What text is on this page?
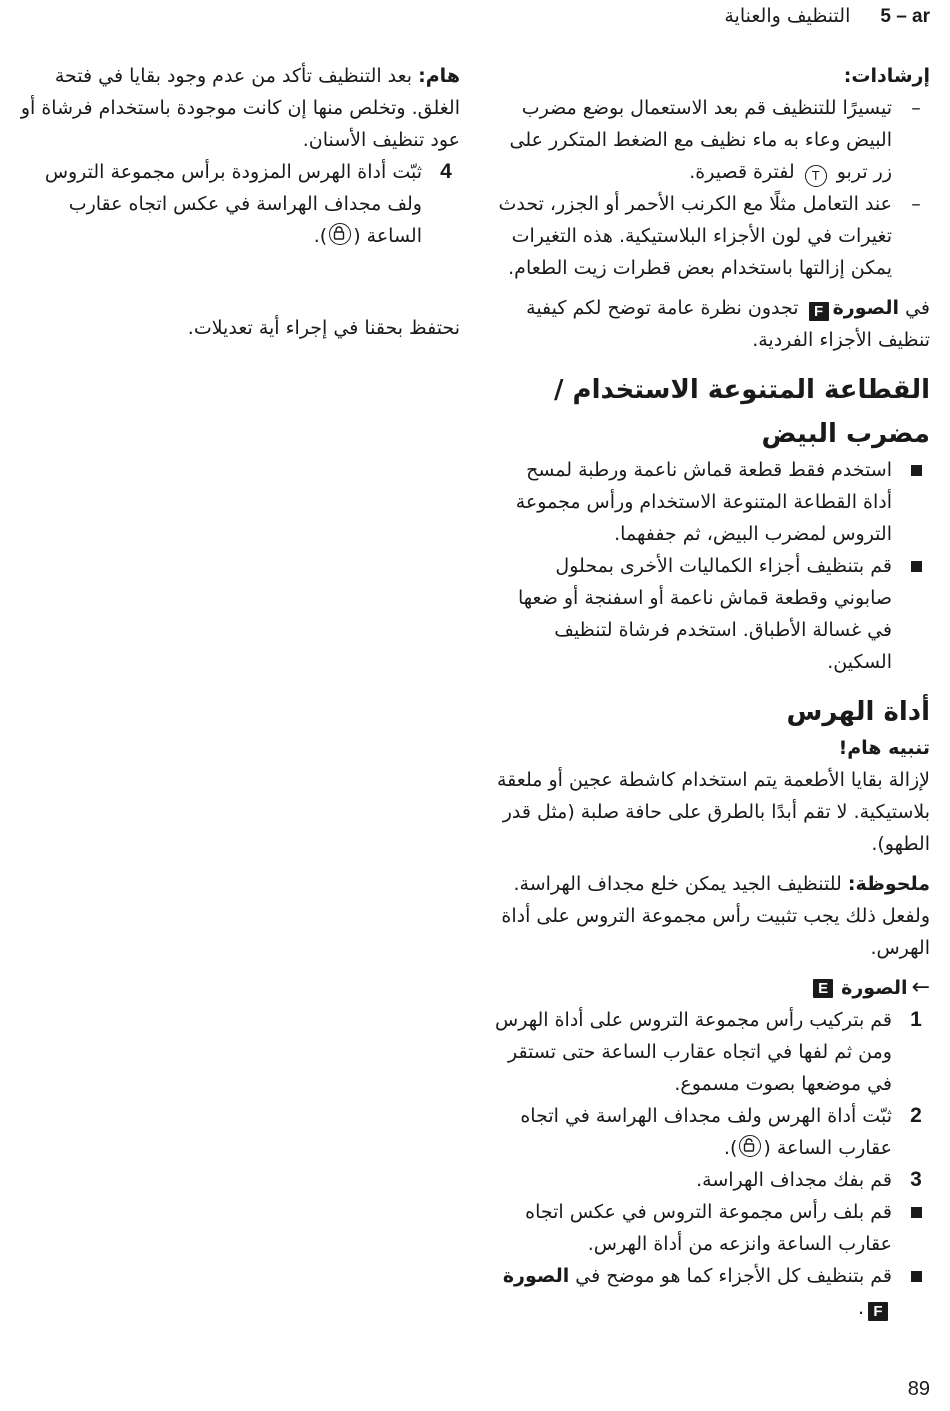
5 – ar
التنظيف والعناية

إرشادات:

–
تيسيرًا للتنظيف قم بعد الاستعمال بوضع مضرب البيض وعاء به ماء نظيف مع الضغط المتكرر على زر تربو T لفترة قصيرة.
–
عند التعامل مثلًا مع الكرنب الأحمر أو الجزر، تحدث تغيرات في لون الأجزاء البلاستيكية. هذه التغيرات يمكن إزالتها باستخدام بعض قطرات زيت الطعام.

في الصورةF تجدون نظرة عامة توضح لكم كيفية تنظيف الأجزاء الفردية.

القطاعة المتنوعة الاستخدام /
مضرب البيض
استخدم فقط قطعة قماش ناعمة ورطبة لمسح أداة القطاعة المتنوعة الاستخدام ورأس مجموعة التروس لمضرب البيض، ثم جففهما.
قم بتنظيف أجزاء الكماليات الأخرى بمحلول صابوني وقطعة قماش ناعمة أو اسفنجة أو ضعها في غسالة الأطباق. استخدم فرشاة لتنظيف السكين.
أداة الهرس

تنبيه هام!

لإزالة بقايا الأطعمة يتم استخدام كاشطة عجين أو ملعقة بلاستيكية. لا تقم أبدًا بالطرق على حافة صلبة (مثل قدر الطهو).

ملحوظة: للتنظيف الجيد يمكن خلع مجداف الهراسة. ولفعل ذلك يجب تثبيت رأس مجموعة التروس على أداة الهرس.

←
الصورة
E
1
قم بتركيب رأس مجموعة التروس على أداة الهرس ومن ثم لفها في اتجاه عقارب الساعة حتى تستقر في موضعها بصوت مسموع.
2
ثبّت أداة الهرس ولف مجداف الهراسة في اتجاه عقارب الساعة (
).
3
قم بفك مجداف الهراسة.
قم بلف رأس مجموعة التروس في عكس اتجاه عقارب الساعة وانزعه من أداة الهرس.
قم بتنظيف كل الأجزاء كما هو موضح في الصورةF.

هام: بعد التنظيف تأكد من عدم وجود بقايا في فتحة الغلق. وتخلص منها إن كانت موجودة باستخدام فرشاة أو عود تنظيف الأسنان.

4
ثبّت أداة الهرس المزودة برأس مجموعة التروس ولف مجداف الهراسة في عكس اتجاه عقارب الساعة (
).

نحتفظ بحقنا في إجراء أية تعديلات.

89
